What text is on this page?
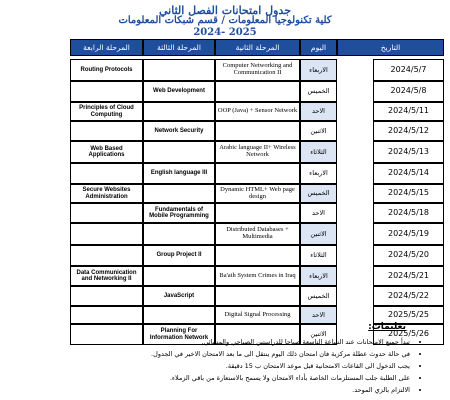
جدول امتحانات الفصل الثاني
كلية تكنولوجيا المعلومات / قسم شبكات المعلومات
2024- 2025
التاريخ
اليوم
المرحلة الثانية
المرحلة الثالثة
المرحلة الرابعة
2024/5/7
الاربعاء
Computer Networking and Communication II
Routing Protocols
2024/5/8
الخميس
Web Development
2024/5/11
الاحد
OOP (Java) + Sensor Network
Principles of Cloud Computing
2024/5/12
الاثنين
Network Security
2024/5/13
الثلاثاء
Arabic language II+ Wireless Network
Web Based Applications
2024/5/14
الاربعاء
English language III
2024/5/15
الخميس
Dynamic HTML+ Web page design
Secure Websites Administration
2024/5/18
الاحد
Fundamentals of Mobile Programming
2024/5/19
الاثنين
Distributed Databases + Multimedia
2024/5/20
الثلاثاء
Group Project II
2024/5/21
الاربعاء
Ba'ath System Crimes in Iraq
Data Communication and Networking II
2024/5/22
الخميس
JavaScript
2025/5/25
الاحد
Digital Signal Processing
2025/5/26
الاثنين
Planning For Information Network
تعليمات:
• تبدأ جميع الامتحانات عند الساعة التاسعة صباحا للدراستين الصباحي والمسائي.
• في حالة حدوث عطلة مركزية فان امتحان ذلك اليوم ينتقل الى ما بعد الامتحان الاخير في الجدول.
• يجب الدخول الى القاعات الامتحانية قبل موعد الامتحان ب 15 دقيقة.
• على الطلبة جلب المستلزمات الخاصة بأداء الامتحان ولا يسمح بالاستعارة من باقي الزملاء.
• الالتزام بالزي الموحد.
